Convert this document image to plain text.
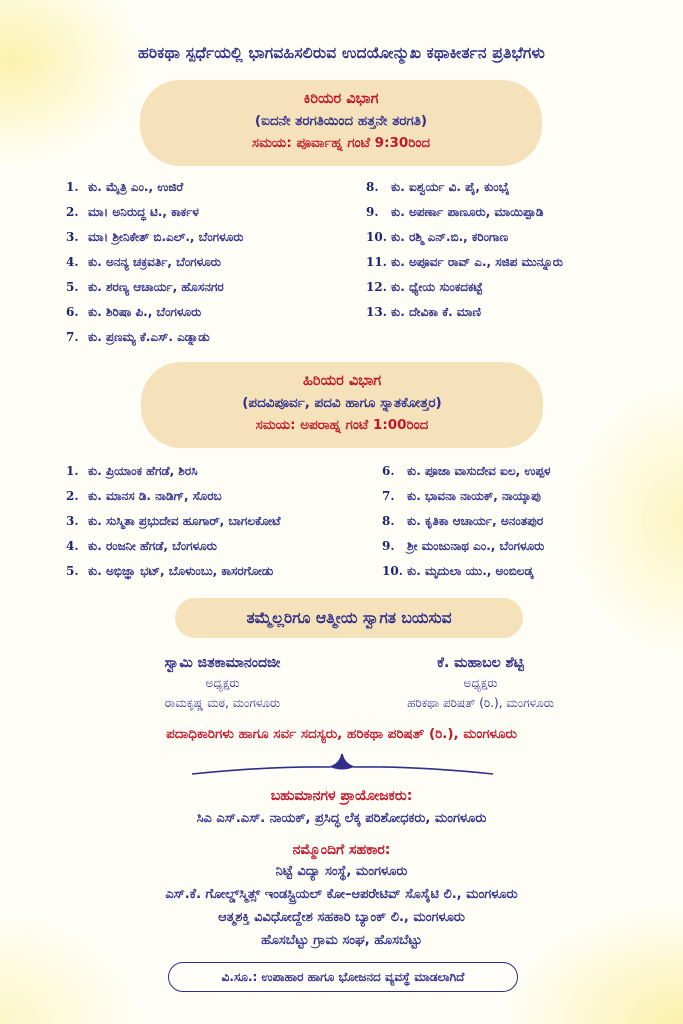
ಹರಿಕಥಾ ಸ್ಪರ್ಧೆಯಲ್ಲಿ ಭಾಗವಹಿಸಲಿರುವ ಉದಯೋನ್ಮುಖ ಕಥಾಕೀರ್ತನ ಪ್ರತಿಭೆಗಳು
ಕಿರಿಯರ ವಿಭಾಗ
(ಐದನೇ ತರಗತಿಯಿಂದ ಹತ್ತನೇ ತರಗತಿ)
ಸಮಯ: ಪೂರ್ವಾಹ್ನ ಗಂಟೆ 9:30ರಿಂದ
1. ಕು. ಮೈತ್ರಿ ಎಂ., ಉಜಿರೆ
2. ಮಾ। ಅನಿರುದ್ಧ ಟಿ., ಕಾರ್ಕಳ
3. ಮಾ। ಶ್ರೀನಿಕೇತ್ ಬಿ.ಎಲ್., ಬೆಂಗಳೂರು
4. ಕು. ಅನನ್ಯ ಚಕ್ರವರ್ತಿ, ಬೆಂಗಳೂರು
5. ಕು. ಶರಣ್ಯ ಆಚಾರ್ಯ, ಹೊಸನಗರ
6. ಕು. ಶಿರಿಷಾ ಪಿ., ಬೆಂಗಳೂರು
7. ಕು. ಪ್ರಣಮ್ಯ ಕೆ.ಎಸ್. ಎಡ್ನಾಡು
8.	ಕು. ಐಶ್ವರ್ಯ ವಿ. ಪೈ, ಕುಂಭೈ
9.	ಕು. ಅಪರ್ಣಾ ಪಾಣೂರು, ಮಾಯಿಪ್ಪಾಡಿ
10. ಕು. ರಶ್ಮಿ ಎನ್.ಬಿ., ಕರಿಂಗಾಣ
11. ಕು. ಅಪೂರ್ವ ರಾವ್ ಎ., ಸಜಿಪ ಮುನ್ನೂರು
12. ಕು. ಧ್ಯೇಯ ಸುಂಕದಕಟ್ಟೆ
13. ಕು. ದೇವಿಕಾ ಕೆ. ಮಾಣಿ
ಹಿರಿಯರ ವಿಭಾಗ
(ಪದವಿಪೂರ್ವ, ಪದವಿ ಹಾಗೂ ಸ್ನಾತಕೋತ್ತರ)
ಸಮಯ: ಅಪರಾಹ್ನ ಗಂಟೆ 1:00ರಿಂದ
1. ಕು. ಪ್ರಿಯಾಂಕ ಹೆಗಡೆ, ಶಿರಸಿ
2. ಕು. ಮಾನಸ ಡಿ. ನಾಡಿಗ್, ಸೊರಬ
3. ಕು. ಸುಸ್ಮಿತಾ ಪ್ರಭುದೇವ ಹೂಗಾರ್, ಬಾಗಲಕೋಟೆ
4. ಕು. ರಂಜನೀ ಹೆಗಡೆ, ಬೆಂಗಳೂರು
5. ಕು. ಅಭಿಜ್ಞಾ ಭಟ್, ಬೊಳುಂಬು, ಕಾಸರಗೋಡು
6.	ಕು. ಪೂಜಾ ವಾಸುದೇವ ಐಲ, ಉಪ್ಪಳ
7.	ಕು. ಭಾವನಾ ನಾಯಕ್, ನಾಯ್ಕಾಪು
8.	ಕು. ಕೃತಿಕಾ ಆಚಾರ್ಯ, ಅನಂತಪುರ
9.	ಶ್ರೀ ಮಂಜುನಾಥ ಎಂ., ಬೆಂಗಳೂರು
10. ಕು. ಮೃದುಲಾ ಯು., ಅಂಬಿಲಡ್ಕ
ತಮ್ಮೆಲ್ಲರಿಗೂ ಆತ್ಮೀಯ ಸ್ವಾಗತ ಬಯಸುವ
ಸ್ವಾಮಿ ಜಿತಕಾಮಾನಂದಜೀ
ಅಧ್ಯಕ್ಷರು
ರಾಮಕೃಷ್ಣ ಮಠ, ಮಂಗಳೂರು
ಕೆ. ಮಹಾಬಲ ಶೆಟ್ಟಿ
ಅಧ್ಯಕ್ಷರು
ಹರಿಕಥಾ ಪರಿಷತ್ (ರಿ.), ಮಂಗಳೂರು
ಪದಾಧಿಕಾರಿಗಳು ಹಾಗೂ ಸರ್ವ ಸದಸ್ಯರು, ಹರಿಕಥಾ ಪರಿಷತ್ (ರಿ.), ಮಂಗಳೂರು
ಬಹುಮಾನಗಳ ಪ್ರಾಯೋಜಕರು:
ಸಿಎ ಎಸ್.ಎಸ್. ನಾಯಕ್, ಪ್ರಸಿದ್ಧ ಲೆಕ್ಕ ಪರಿಶೋಧಕರು, ಮಂಗಳೂರು
ನಮ್ಮೊಂದಿಗೆ ಸಹಕಾರ:
ನಿಟ್ಟೆ ವಿದ್ಯಾ ಸಂಸ್ಥೆ, ಮಂಗಳೂರು
ಎಸ್.ಕೆ. ಗೋಲ್ಡ್‌ಸ್ಮಿತ್ಸ್ ಇಂಡಸ್ಟ್ರಿಯಲ್ ಕೋ–ಆಪರೇಟಿವ್ ಸೊಸೈಟಿ ಲಿ., ಮಂಗಳೂರು
ಆತ್ಮಶಕ್ತಿ ವಿವಿಧೋದ್ದೇಶ ಸಹಕಾರಿ ಬ್ಯಾಂಕ್ ಲಿ., ಮಂಗಳೂರು
ಹೊಸಬೆಟ್ಟು ಗ್ರಾಮ ಸಂಘ, ಹೊಸಬೆಟ್ಟು
ವಿ.ಸೂ.: ಉಪಾಹಾರ ಹಾಗೂ ಭೋಜನದ ವ್ಯವಸ್ಥೆ ಮಾಡಲಾಗಿದೆ
